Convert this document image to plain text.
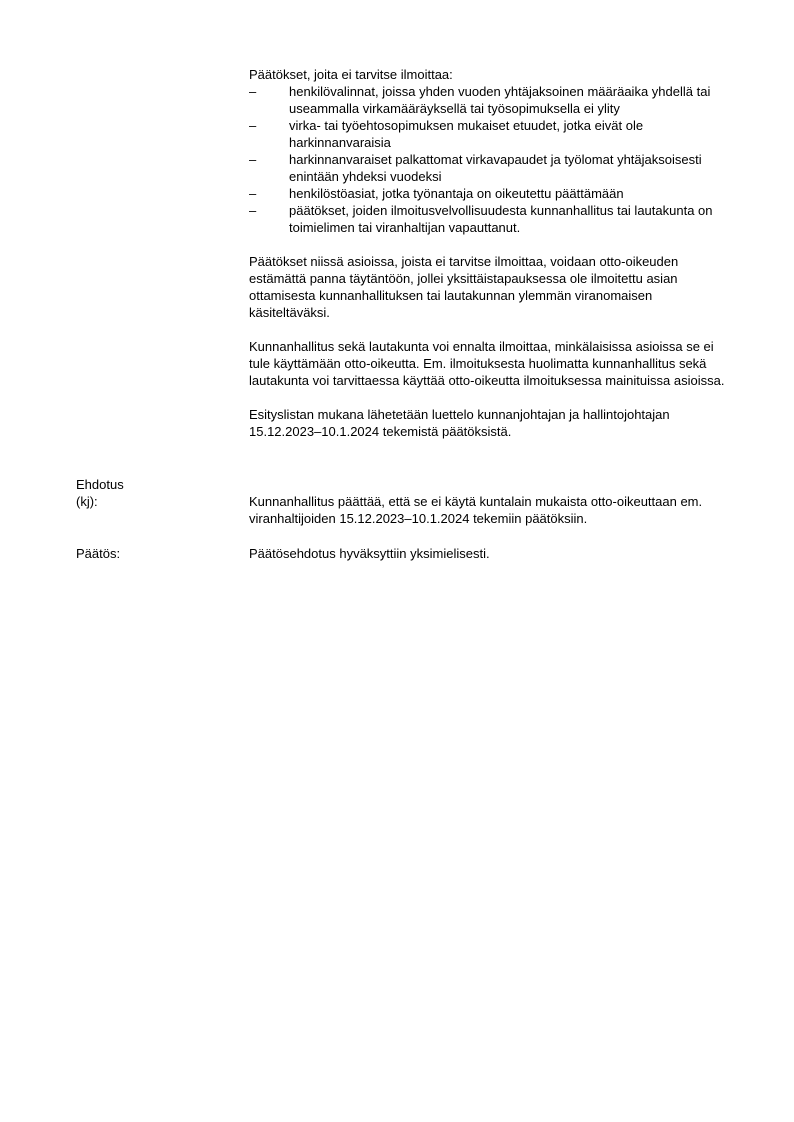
Päätökset, joita ei tarvitse ilmoittaa:

–	henkilövalinnat, joissa yhden vuoden yhtäjaksoinen määräaika yhdellä tai useammalla virkamääräyksellä tai työsopimuksella ei ylity
–	virka- tai työehtosopimuksen mukaiset etuudet, jotka eivät ole harkinnanvaraisia
–	harkinnanvaraiset palkattomat virkavapaudet ja työlomat yhtäjaksoisesti enintään yhdeksi vuodeksi
–	henkilöstöasiat, jotka työnantaja on oikeutettu päättämään
–	päätökset, joiden ilmoitusvelvollisuudesta kunnanhallitus tai lautakunta on toimielimen tai viranhaltijan vapauttanut.

Päätökset niissä asioissa, joista ei tarvitse ilmoittaa, voidaan otto-oikeuden estämättä panna täytäntöön, jollei yksittäistapauksessa ole ilmoitettu asian ottamisesta kunnanhallituksen tai lautakunnan ylemmän viranomaisen käsiteltäväksi.

Kunnanhallitus sekä lautakunta voi ennalta ilmoittaa, minkälaisissa asioissa se ei tule käyttämään otto-oikeutta. Em. ilmoituksesta huolimatta kunnanhallitus sekä lautakunta voi tarvittaessa käyttää otto-oikeutta ilmoituksessa mainituissa asioissa.

Esityslistan mukana lähetetään luettelo kunnanjohtajan ja hallintojohtajan 15.12.2023–10.1.2024 tekemistä päätöksistä.

Ehdotus
(kj):	Kunnanhallitus päättää, että se ei käytä kuntalain mukaista otto-oikeuttaan em. viranhaltijoiden 15.12.2023–10.1.2024 tekemiin päätöksiin.
Päätös:	Päätösehdotus hyväksyttiin yksimielisesti.
